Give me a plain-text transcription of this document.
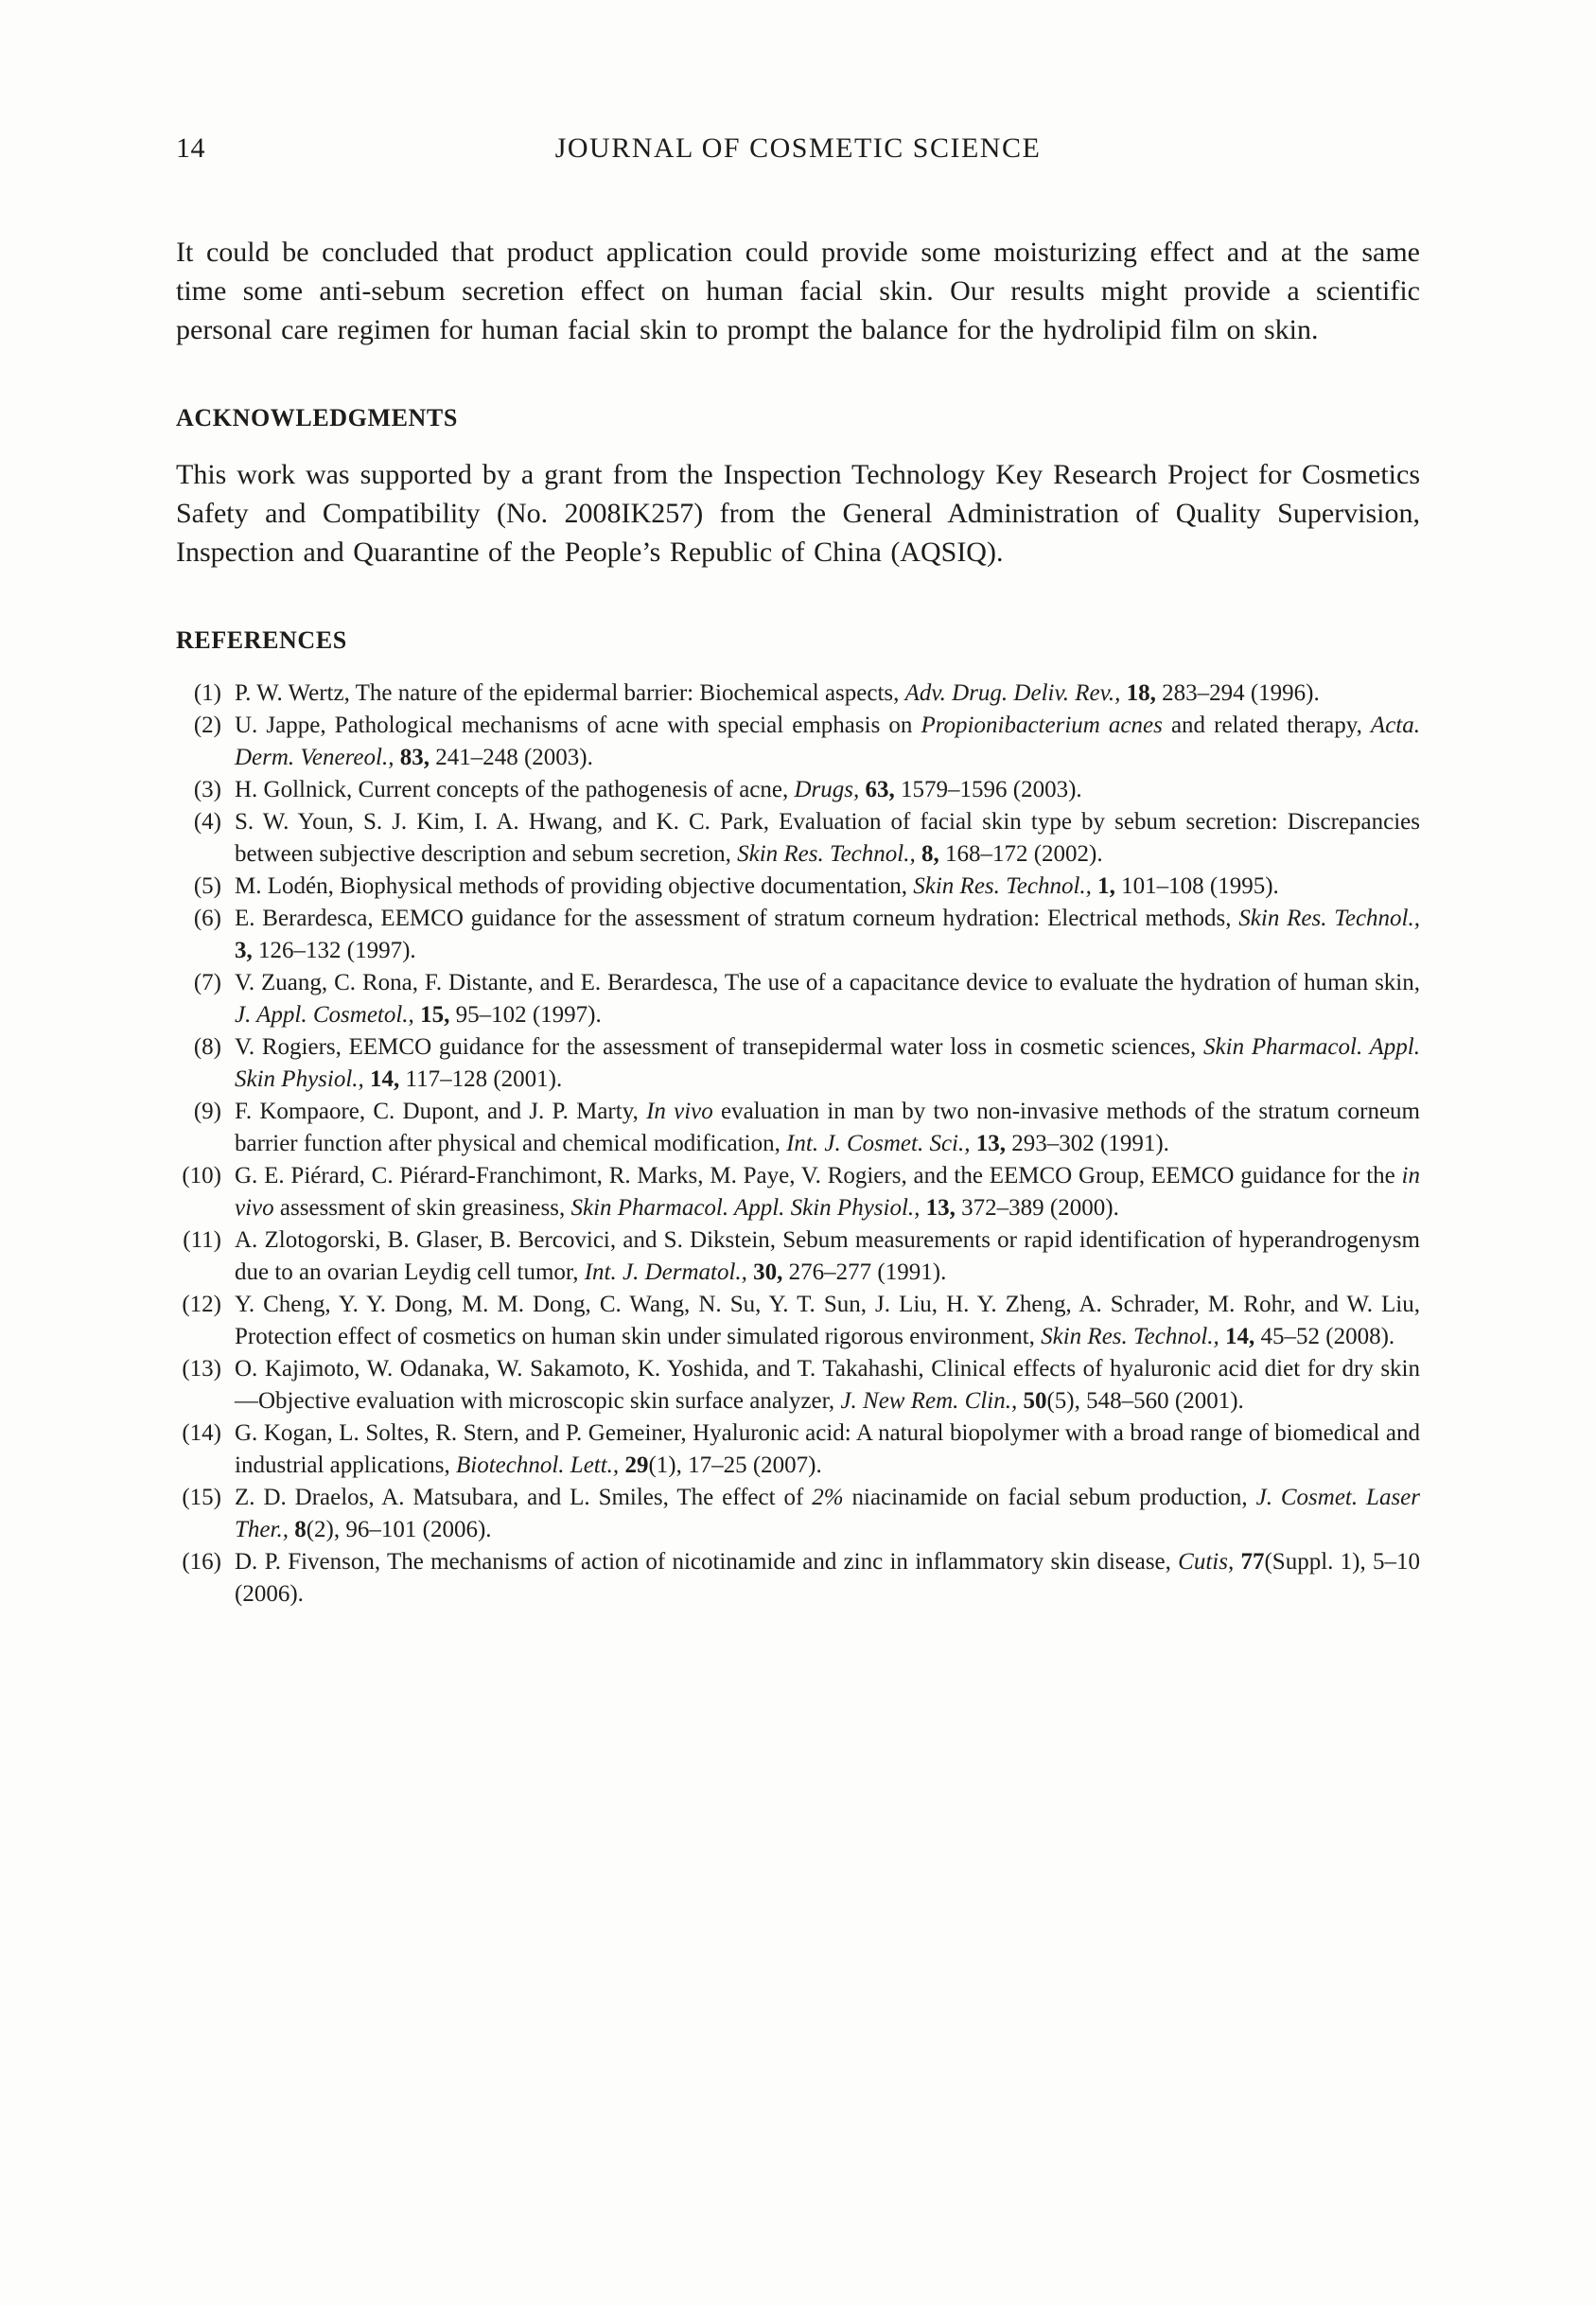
14	JOURNAL OF COSMETIC SCIENCE

It could be concluded that product application could provide some moisturizing effect and at the same time some anti-sebum secretion effect on human facial skin. Our results might provide a scientific personal care regimen for human facial skin to prompt the balance for the hydrolipid film on skin.

ACKNOWLEDGMENTS

This work was supported by a grant from the Inspection Technology Key Research Project for Cosmetics Safety and Compatibility (No. 2008IK257) from the General Administration of Quality Supervision, Inspection and Quarantine of the People’s Republic of China (AQSIQ).

REFERENCES
(1) P. W. Wertz, The nature of the epidermal barrier: Biochemical aspects, Adv. Drug. Deliv. Rev., 18, 283–294 (1996).
(2) U. Jappe, Pathological mechanisms of acne with special emphasis on Propionibacterium acnes and related therapy, Acta. Derm. Venereol., 83, 241–248 (2003).
(3) H. Gollnick, Current concepts of the pathogenesis of acne, Drugs, 63, 1579–1596 (2003).
(4) S. W. Youn, S. J. Kim, I. A. Hwang, and K. C. Park, Evaluation of facial skin type by sebum secretion: Discrepancies between subjective description and sebum secretion, Skin Res. Technol., 8, 168–172 (2002).
(5) M. Lodén, Biophysical methods of providing objective documentation, Skin Res. Technol., 1, 101–108 (1995).
(6) E. Berardesca, EEMCO guidance for the assessment of stratum corneum hydration: Electrical methods, Skin Res. Technol., 3, 126–132 (1997).
(7) V. Zuang, C. Rona, F. Distante, and E. Berardesca, The use of a capacitance device to evaluate the hydration of human skin, J. Appl. Cosmetol., 15, 95–102 (1997).
(8) V. Rogiers, EEMCO guidance for the assessment of transepidermal water loss in cosmetic sciences, Skin Pharmacol. Appl. Skin Physiol., 14, 117–128 (2001).
(9) F. Kompaore, C. Dupont, and J. P. Marty, In vivo evaluation in man by two non-invasive methods of the stratum corneum barrier function after physical and chemical modification, Int. J. Cosmet. Sci., 13, 293–302 (1991).
(10) G. E. Piérard, C. Piérard-Franchimont, R. Marks, M. Paye, V. Rogiers, and the EEMCO Group, EEMCO guidance for the in vivo assessment of skin greasiness, Skin Pharmacol. Appl. Skin Physiol., 13, 372–389 (2000).
(11) A. Zlotogorski, B. Glaser, B. Bercovici, and S. Dikstein, Sebum measurements or rapid identification of hyperandrogenysm due to an ovarian Leydig cell tumor, Int. J. Dermatol., 30, 276–277 (1991).
(12) Y. Cheng, Y. Y. Dong, M. M. Dong, C. Wang, N. Su, Y. T. Sun, J. Liu, H. Y. Zheng, A. Schrader, M. Rohr, and W. Liu, Protection effect of cosmetics on human skin under simulated rigorous environment, Skin Res. Technol., 14, 45–52 (2008).
(13) O. Kajimoto, W. Odanaka, W. Sakamoto, K. Yoshida, and T. Takahashi, Clinical effects of hyaluronic acid diet for dry skin—Objective evaluation with microscopic skin surface analyzer, J. New Rem. Clin., 50(5), 548–560 (2001).
(14) G. Kogan, L. Soltes, R. Stern, and P. Gemeiner, Hyaluronic acid: A natural biopolymer with a broad range of biomedical and industrial applications, Biotechnol. Lett., 29(1), 17–25 (2007).
(15) Z. D. Draelos, A. Matsubara, and L. Smiles, The effect of 2% niacinamide on facial sebum production, J. Cosmet. Laser Ther., 8(2), 96–101 (2006).
(16) D. P. Fivenson, The mechanisms of action of nicotinamide and zinc in inflammatory skin disease, Cutis, 77(Suppl. 1), 5–10 (2006).
